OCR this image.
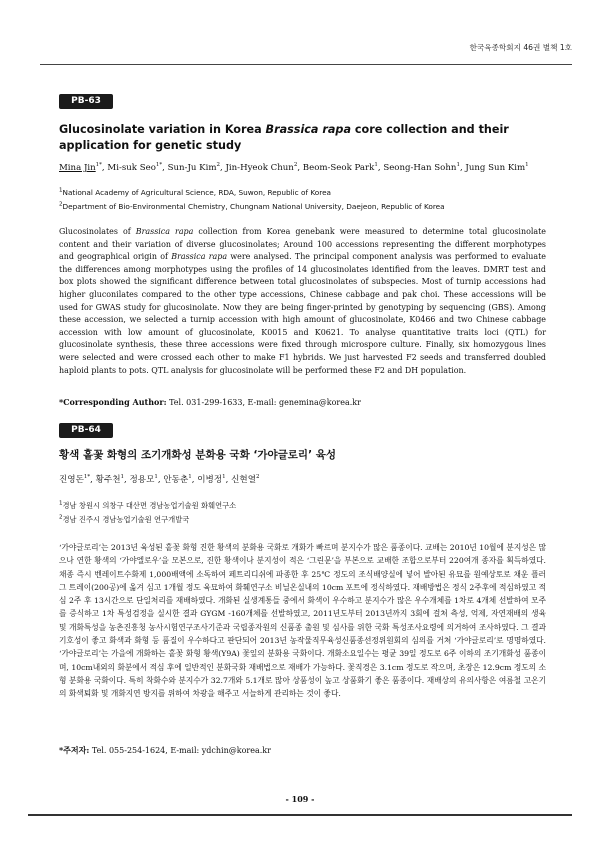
한국육종학회지 46권 별책 1호
PB-63
Glucosinolate variation in Korea Brassica rapa core collection and their application for genetic study
Mina Jin$^{1*}$, Mi-suk Seo$^{1*}$, Sun-Ju Kim$^2$, Jin-Hyeok Chun$^2$, Beom-Seok Park$^1$, Seong-Han Sohn$^1$, Jung Sun Kim$^1$
$^1$National Academy of Agricultural Science, RDA, Suwon, Republic of Korea
$^2$Department of Bio-Environmental Chemistry, Chungnam National University, Daejeon, Republic of Korea
Glucosinolates of Brassica rapa collection from Korea genebank were measured to determine total glucosinolate content and their variation of diverse glucosinolates; Around 100 accessions representing the different morphotypes and geographical origin of Brassica rapa were analysed. The principal component analysis was performed to evaluate the differences among morphotypes using the profiles of 14 glucosinolates identified from the leaves. DMRT test and box plots showed the significant difference between total glucosinolates of subspecies. Most of turnip accessions had higher gluconilates compared to the other type accessions, Chinese cabbage and pak choi. These accessions will be used for GWAS study for glucosinolate. Now they are being finger-printed by genotyping by sequencing (GBS). Among these accession, we selected a turnip accession with high amount of glucosinolate, K0466 and two Chinese cabbage accession with low amount of glucosinolate, K0015 and K0621. To analyse quantitative traits loci (QTL) for glucosinolate synthesis, these three accessions were fixed through microspore culture. Finally, six homozygous lines were selected and were crossed each other to make F1 hybrids. We just harvested F2 seeds and transferred doubled haploid plants to pots. QTL analysis for glucosinolate will be performed these F2 and DH population.
*Corresponding Author: Tel. 031-299-1633, E-mail: genemina@korea.kr
PB-64
황색 홑꽃 화형의 조기개화성 분화용 국화 ‘가야글로리’ 육성
진영돈$^{1*}$, 황주천$^1$, 정용모$^1$, 안동춘$^1$, 이병정$^1$, 신현열$^2$
$^1$경남 창원시 의창구 대산면 경남농업기술원 화훼연구소
$^2$경남 진주시 경남농업기술원 연구개발국
‘가야글로리’는 2013년 육성된 홑꽃 화형 진한 황색의 분화용 국화로 개화가 빠르며 분지수가 많은 품종이다. 교배는 2010년 10월에 분지성은 많으나 연한 황색의 ‘가야엘로우’을 모본으로, 진한 황색이나 분지성이 적은 ‘그린문’을 부본으로 교배한 조합으로부터 220여개 종자를 획득하였다. 채종 즉시 벤레이트수화제 1,000배액에 소독하여 페트리디쉬에 파종한 후 25℃ 정도의 조식배양실에 넣어 발아된 유묘를 원예상토로 채운 플러그 트레이(200공)에 옮겨 심고 1개월 정도 육묘하여 화훼연구소 비닐온실내의 10cm 포트에 정식하였다. 재배방법은 정식 2주후에 적심하였고 적심 2주 후 13시간으로 단일처리를 재배하였다. 개화된 실생계통들 중에서 화색이 우수하고 분지수가 많은 우수개체를 1차로 4개체 선발하여 모주를 증식하고 1차 특성검정을 실시한 결과 GYGM -160개체를 선발하였고, 2011년도부터 2013년까지 3회에 걸쳐 측성, 억제, 자연재배의 생육 및 개화특성을 농촌진흥청 농사시험연구조사기준과 국립종자원의 신품종 출원 및 심사를 위한 국화 특성조사요령에 의거하여 조사하였다. 그 결과 기호성이 좋고 화색과 화형 등 품질이 우수하다고 판단되어 2013년 농작물직무육성신품종선정위원회의 심의를 거쳐 ‘가야글로리’로 명명하였다. ‘가야글로리’는 가을에 개화하는 홑꽃 화형 황색(Y9A) 꽃잎의 분화용 국화이다. 개화소요일수는 평균 39일 정도로 6주 이하의 조기개화성 품종이며, 10cm내외의 화분에서 적심 후에 일반적인 분화국화 재배법으로 재배가 가능하다. 꽃직경은 3.1cm 정도로 작으며, 초장은 12.9cm 정도의 소형 분화용 국화이다. 특히 착화수와 분지수가 32.7개와 5.1개로 많아 상품성이 높고 상품화기 좋은 품종이다. 재배상의 유의사항은 여름철 고온기의 화색퇴화 및 개화지연 방지를 위하여 차광을 해주고 서늘하게 관리하는 것이 좋다.
*주저자: Tel. 055-254-1624, E-mail: ydchin@korea.kr
- 109 -
